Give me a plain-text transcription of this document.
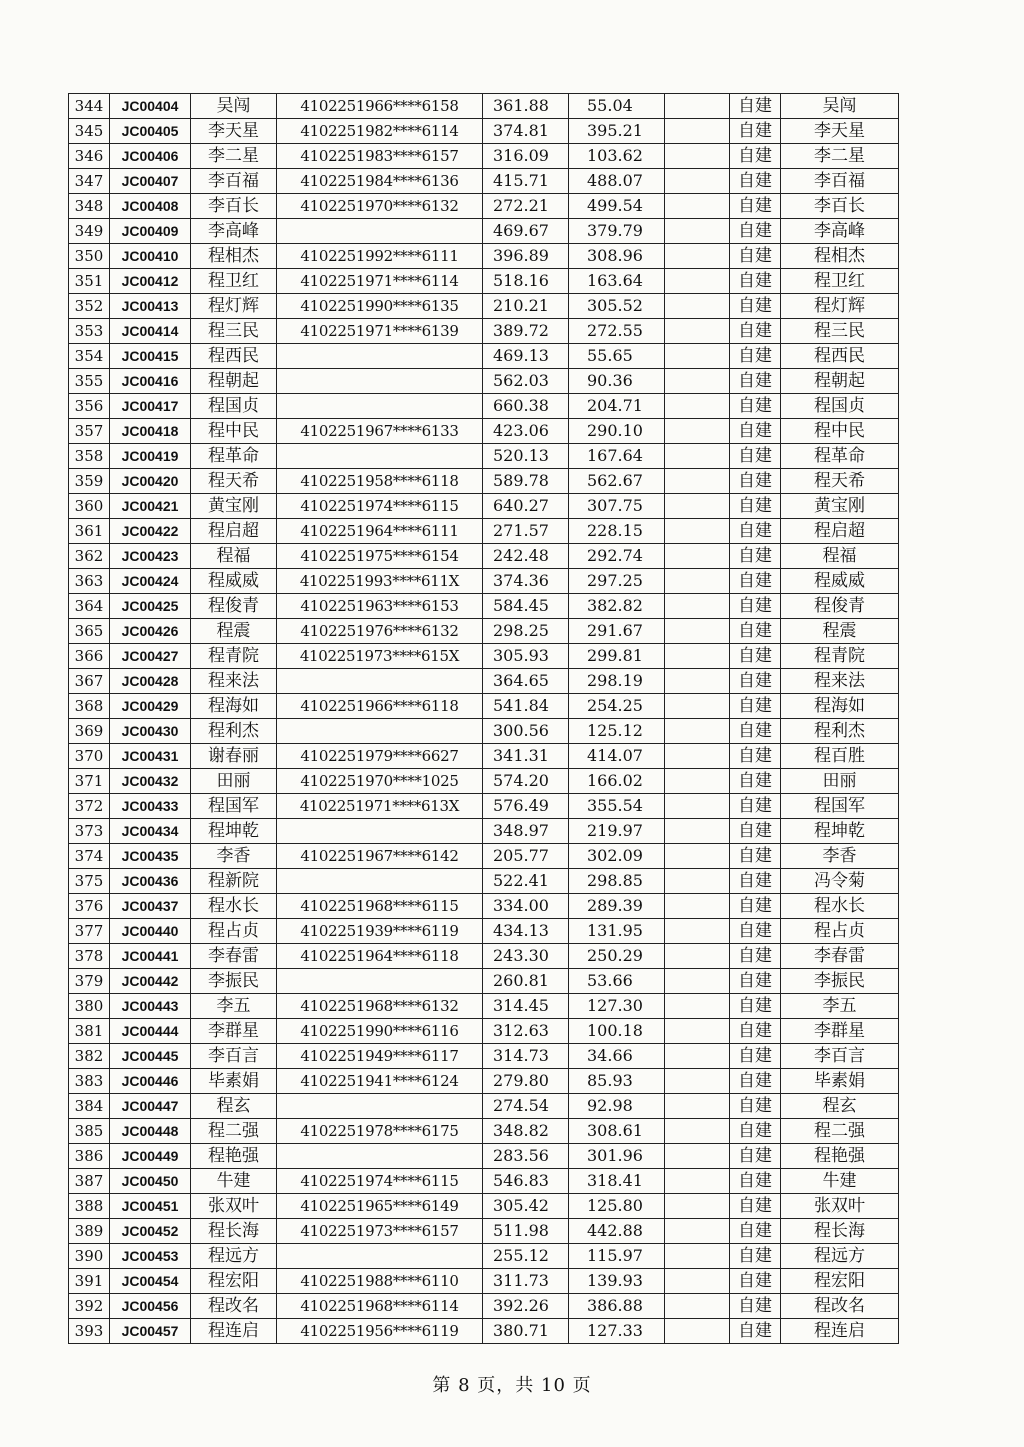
344	JC00404	吴闯	4102251966****6158	361.88	55.04		自建	吴闯
345	JC00405	李天星	4102251982****6114	374.81	395.21		自建	李天星
346	JC00406	李二星	4102251983****6157	316.09	103.62		自建	李二星
347	JC00407	李百福	4102251984****6136	415.71	488.07		自建	李百福
348	JC00408	李百长	4102251970****6132	272.21	499.54		自建	李百长
349	JC00409	李高峰		469.67	379.79		自建	李高峰
350	JC00410	程相杰	4102251992****6111	396.89	308.96		自建	程相杰
351	JC00412	程卫红	4102251971****6114	518.16	163.64		自建	程卫红
352	JC00413	程灯辉	4102251990****6135	210.21	305.52		自建	程灯辉
353	JC00414	程三民	4102251971****6139	389.72	272.55		自建	程三民
354	JC00415	程西民		469.13	55.65		自建	程西民
355	JC00416	程朝起		562.03	90.36		自建	程朝起
356	JC00417	程国贞		660.38	204.71		自建	程国贞
357	JC00418	程中民	4102251967****6133	423.06	290.10		自建	程中民
358	JC00419	程革命		520.13	167.64		自建	程革命
359	JC00420	程天希	4102251958****6118	589.78	562.67		自建	程天希
360	JC00421	黄宝刚	4102251974****6115	640.27	307.75		自建	黄宝刚
361	JC00422	程启超	4102251964****6111	271.57	228.15		自建	程启超
362	JC00423	程福	4102251975****6154	242.48	292.74		自建	程福
363	JC00424	程威威	4102251993****611X	374.36	297.25		自建	程威威
364	JC00425	程俊青	4102251963****6153	584.45	382.82		自建	程俊青
365	JC00426	程震	4102251976****6132	298.25	291.67		自建	程震
366	JC00427	程青院	4102251973****615X	305.93	299.81		自建	程青院
367	JC00428	程来法		364.65	298.19		自建	程来法
368	JC00429	程海如	4102251966****6118	541.84	254.25		自建	程海如
369	JC00430	程利杰		300.56	125.12		自建	程利杰
370	JC00431	谢春丽	4102251979****6627	341.31	414.07		自建	程百胜
371	JC00432	田丽	4102251970****1025	574.20	166.02		自建	田丽
372	JC00433	程国军	4102251971****613X	576.49	355.54		自建	程国军
373	JC00434	程坤乾		348.97	219.97		自建	程坤乾
374	JC00435	李香	4102251967****6142	205.77	302.09		自建	李香
375	JC00436	程新院		522.41	298.85		自建	冯令菊
376	JC00437	程水长	4102251968****6115	334.00	289.39		自建	程水长
377	JC00440	程占贞	4102251939****6119	434.13	131.95		自建	程占贞
378	JC00441	李春雷	4102251964****6118	243.30	250.29		自建	李春雷
379	JC00442	李振民		260.81	53.66		自建	李振民
380	JC00443	李五	4102251968****6132	314.45	127.30		自建	李五
381	JC00444	李群星	4102251990****6116	312.63	100.18		自建	李群星
382	JC00445	李百言	4102251949****6117	314.73	34.66		自建	李百言
383	JC00446	毕素娟	4102251941****6124	279.80	85.93		自建	毕素娟
384	JC00447	程玄		274.54	92.98		自建	程玄
385	JC00448	程二强	4102251978****6175	348.82	308.61		自建	程二强
386	JC00449	程艳强		283.56	301.96		自建	程艳强
387	JC00450	牛建	4102251974****6115	546.83	318.41		自建	牛建
388	JC00451	张双叶	4102251965****6149	305.42	125.80		自建	张双叶
389	JC00452	程长海	4102251973****6157	511.98	442.88		自建	程长海
390	JC00453	程远方		255.12	115.97		自建	程远方
391	JC00454	程宏阳	4102251988****6110	311.73	139.93		自建	程宏阳
392	JC00456	程改名	4102251968****6114	392.26	386.88		自建	程改名
393	JC00457	程连启	4102251956****6119	380.71	127.33		自建	程连启
第 8 页，共 10 页
